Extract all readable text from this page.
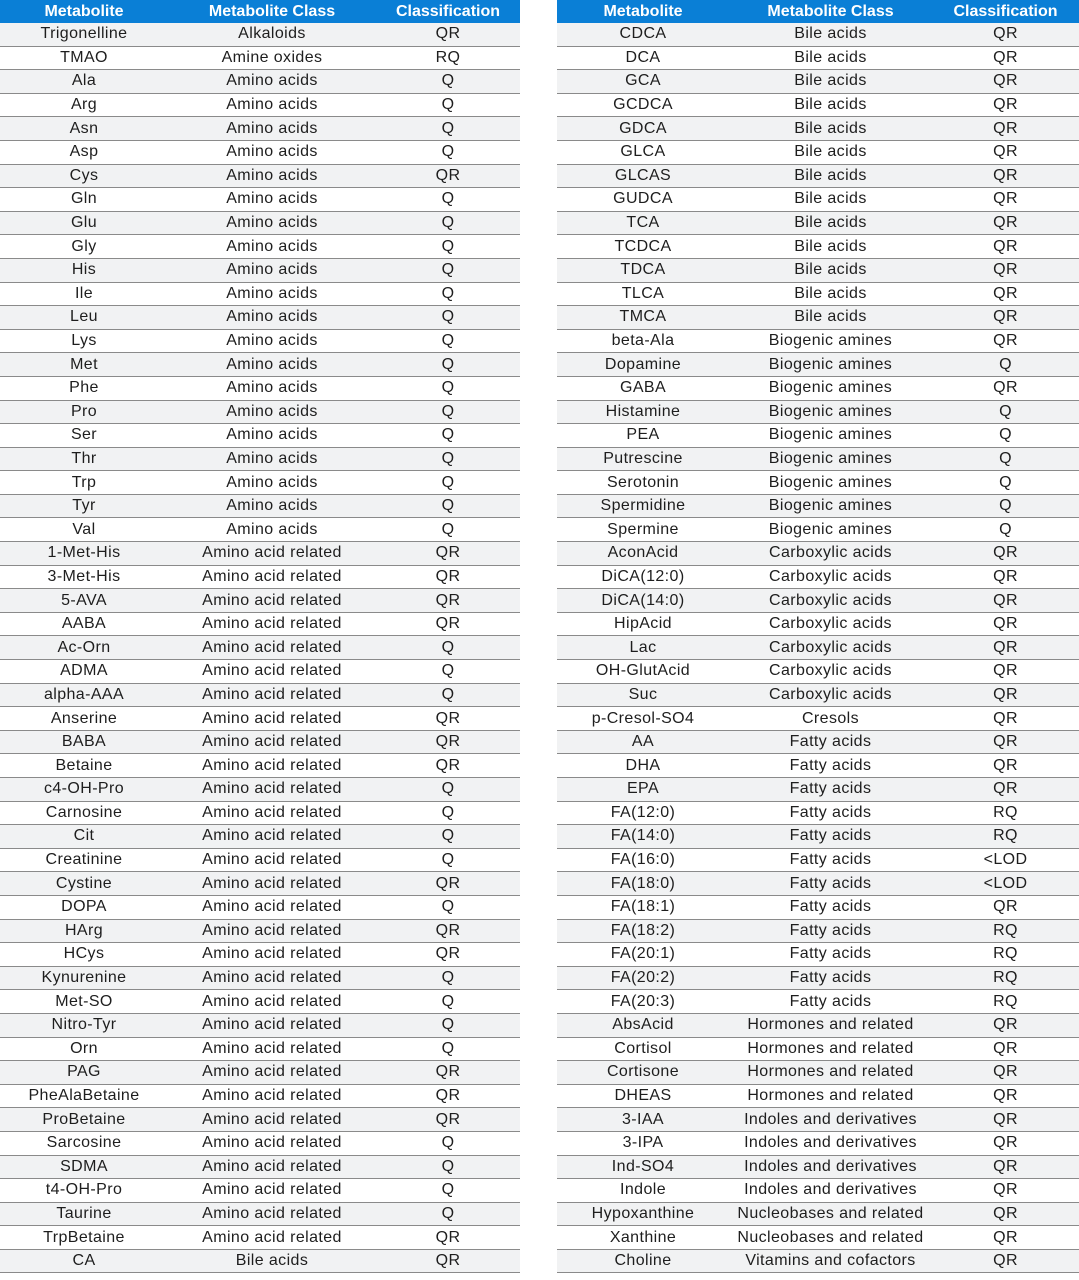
Metabolite	Metabolite Class	Classification
Trigonelline	Alkaloids	QR
TMAO	Amine oxides	RQ
Ala	Amino acids	Q
Arg	Amino acids	Q
Asn	Amino acids	Q
Asp	Amino acids	Q
Cys	Amino acids	QR
Gln	Amino acids	Q
Glu	Amino acids	Q
Gly	Amino acids	Q
His	Amino acids	Q
Ile	Amino acids	Q
Leu	Amino acids	Q
Lys	Amino acids	Q
Met	Amino acids	Q
Phe	Amino acids	Q
Pro	Amino acids	Q
Ser	Amino acids	Q
Thr	Amino acids	Q
Trp	Amino acids	Q
Tyr	Amino acids	Q
Val	Amino acids	Q
1-Met-His	Amino acid related	QR
3-Met-His	Amino acid related	QR
5-AVA	Amino acid related	QR
AABA	Amino acid related	QR
Ac-Orn	Amino acid related	Q
ADMA	Amino acid related	Q
alpha-AAA	Amino acid related	Q
Anserine	Amino acid related	QR
BABA	Amino acid related	QR
Betaine	Amino acid related	QR
c4-OH-Pro	Amino acid related	Q
Carnosine	Amino acid related	Q
Cit	Amino acid related	Q
Creatinine	Amino acid related	Q
Cystine	Amino acid related	QR
DOPA	Amino acid related	Q
HArg	Amino acid related	QR
HCys	Amino acid related	QR
Kynurenine	Amino acid related	Q
Met-SO	Amino acid related	Q
Nitro-Tyr	Amino acid related	Q
Orn	Amino acid related	Q
PAG	Amino acid related	QR
PheAlaBetaine	Amino acid related	QR
ProBetaine	Amino acid related	QR
Sarcosine	Amino acid related	Q
SDMA	Amino acid related	Q
t4-OH-Pro	Amino acid related	Q
Taurine	Amino acid related	Q
TrpBetaine	Amino acid related	QR
CA	Bile acids	QR
Metabolite	Metabolite Class	Classification
CDCA	Bile acids	QR
DCA	Bile acids	QR
GCA	Bile acids	QR
GCDCA	Bile acids	QR
GDCA	Bile acids	QR
GLCA	Bile acids	QR
GLCAS	Bile acids	QR
GUDCA	Bile acids	QR
TCA	Bile acids	QR
TCDCA	Bile acids	QR
TDCA	Bile acids	QR
TLCA	Bile acids	QR
TMCA	Bile acids	QR
beta-Ala	Biogenic amines	QR
Dopamine	Biogenic amines	Q
GABA	Biogenic amines	QR
Histamine	Biogenic amines	Q
PEA	Biogenic amines	Q
Putrescine	Biogenic amines	Q
Serotonin	Biogenic amines	Q
Spermidine	Biogenic amines	Q
Spermine	Biogenic amines	Q
AconAcid	Carboxylic acids	QR
DiCA(12:0)	Carboxylic acids	QR
DiCA(14:0)	Carboxylic acids	QR
HipAcid	Carboxylic acids	QR
Lac	Carboxylic acids	QR
OH-GlutAcid	Carboxylic acids	QR
Suc	Carboxylic acids	QR
p-Cresol-SO4	Cresols	QR
AA	Fatty acids	QR
DHA	Fatty acids	QR
EPA	Fatty acids	QR
FA(12:0)	Fatty acids	RQ
FA(14:0)	Fatty acids	RQ
FA(16:0)	Fatty acids	<LOD
FA(18:0)	Fatty acids	<LOD
FA(18:1)	Fatty acids	QR
FA(18:2)	Fatty acids	RQ
FA(20:1)	Fatty acids	RQ
FA(20:2)	Fatty acids	RQ
FA(20:3)	Fatty acids	RQ
AbsAcid	Hormones and related	QR
Cortisol	Hormones and related	QR
Cortisone	Hormones and related	QR
DHEAS	Hormones and related	QR
3-IAA	Indoles and derivatives	QR
3-IPA	Indoles and derivatives	QR
Ind-SO4	Indoles and derivatives	QR
Indole	Indoles and derivatives	QR
Hypoxanthine	Nucleobases and related	QR
Xanthine	Nucleobases and related	QR
Choline	Vitamins and cofactors	QR
